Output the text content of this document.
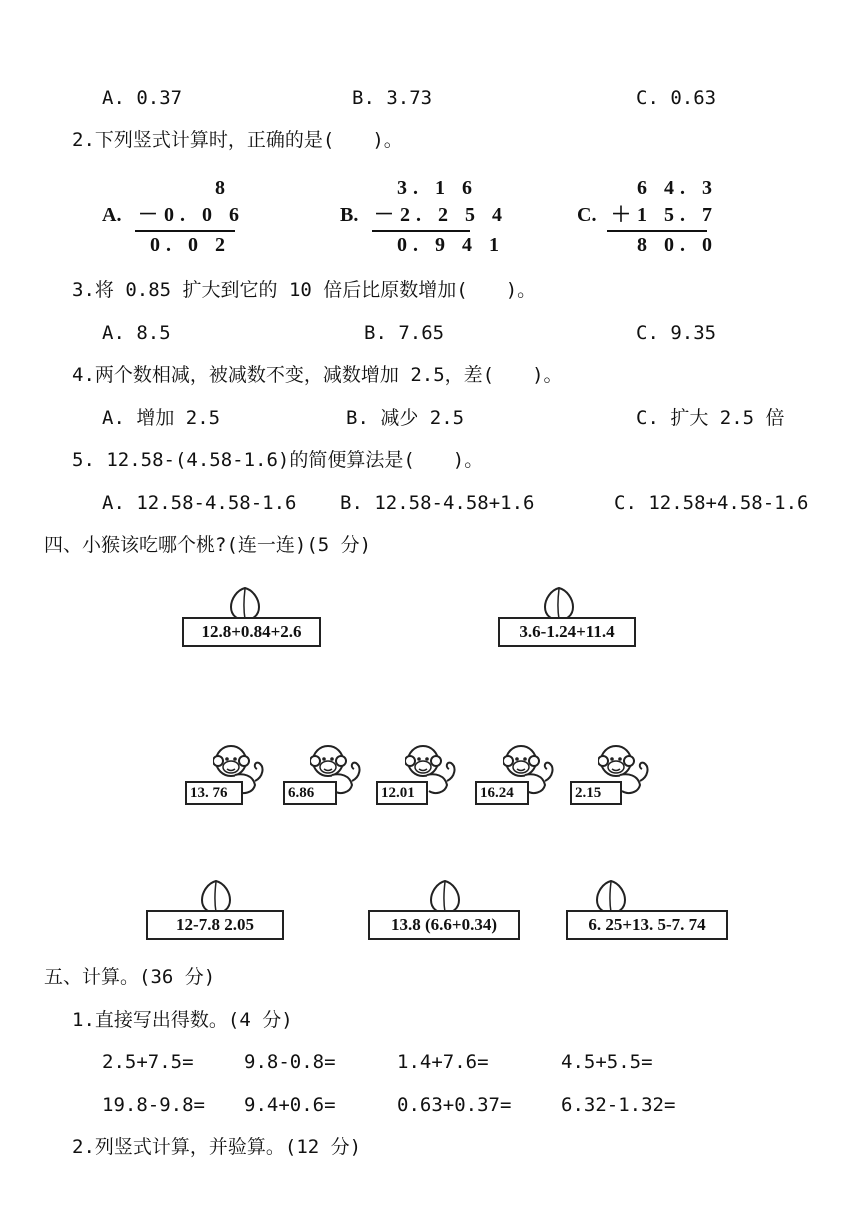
A. 0.37	B. 3.73	C. 0.63
2.下列竖式计算时，正确的是(　　)。
A.
8
－0. 0 6
0. 0 2
B.
3. 1 6
－2. 2 5 4
0. 9 4 1
C.
6 4. 3
＋1 5. 7
8 0. 0
3.将 0.85 扩大到它的 10 倍后比原数增加(　　)。
A. 8.5	B. 7.65	C. 9.35
4.两个数相减，被减数不变，减数增加 2.5，差(　　)。
A. 增加 2.5	B. 减少 2.5	C. 扩大 2.5 倍
5. 12.58-(4.58-1.6)的简便算法是(　　)。
A. 12.58-4.58-1.6 B. 12.58-4.58+1.6	C. 12.58+4.58-1.6
四、小猴该吃哪个桃?(连一连)(5 分)
12.8+0.84+2.6	3.6-1.24+11.4
13. 76	6.86	12.01	16.24	2.15
12-7.8 2.05	13.8 (6.6+0.34)	6. 25+13. 5-7. 74
五、计算。(36 分)
1.直接写出得数。(4 分)
2.5+7.5=	9.8-0.8=	1.4+7.6=	4.5+5.5=
19.8-9.8= 9.4+0.6=	0.63+0.37=	6.32-1.32=
2.列竖式计算，并验算。(12 分)
